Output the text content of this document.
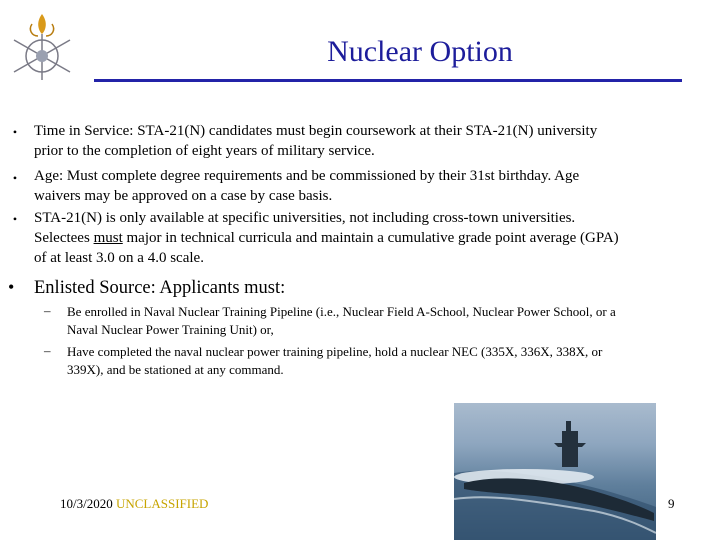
Nuclear Option
• Time in Service: STA-21(N) candidates must begin coursework at their STA-21(N) university
prior to the completion of eight years of military service.
• Age: Must complete degree requirements and be commissioned by their 31st birthday. Age
waivers may be approved on a case by case basis.
• STA-21(N) is only available at specific universities, not including cross-town universities.
Selectees must major in technical curricula and maintain a cumulative grade point average (GPA)
of at least 3.0 on a 4.0 scale.
• Enlisted Source: Applicants must:
– Be enrolled in Naval Nuclear Training Pipeline (i.e., Nuclear Field A-School, Nuclear Power School, or a
Naval Nuclear Power Training Unit) or,
– Have completed the naval nuclear power training pipeline, hold a nuclear NEC (335X, 336X, 338X, or
339X), and be stationed at any command.
10/3/2020 UNCLASSIFIED	9
